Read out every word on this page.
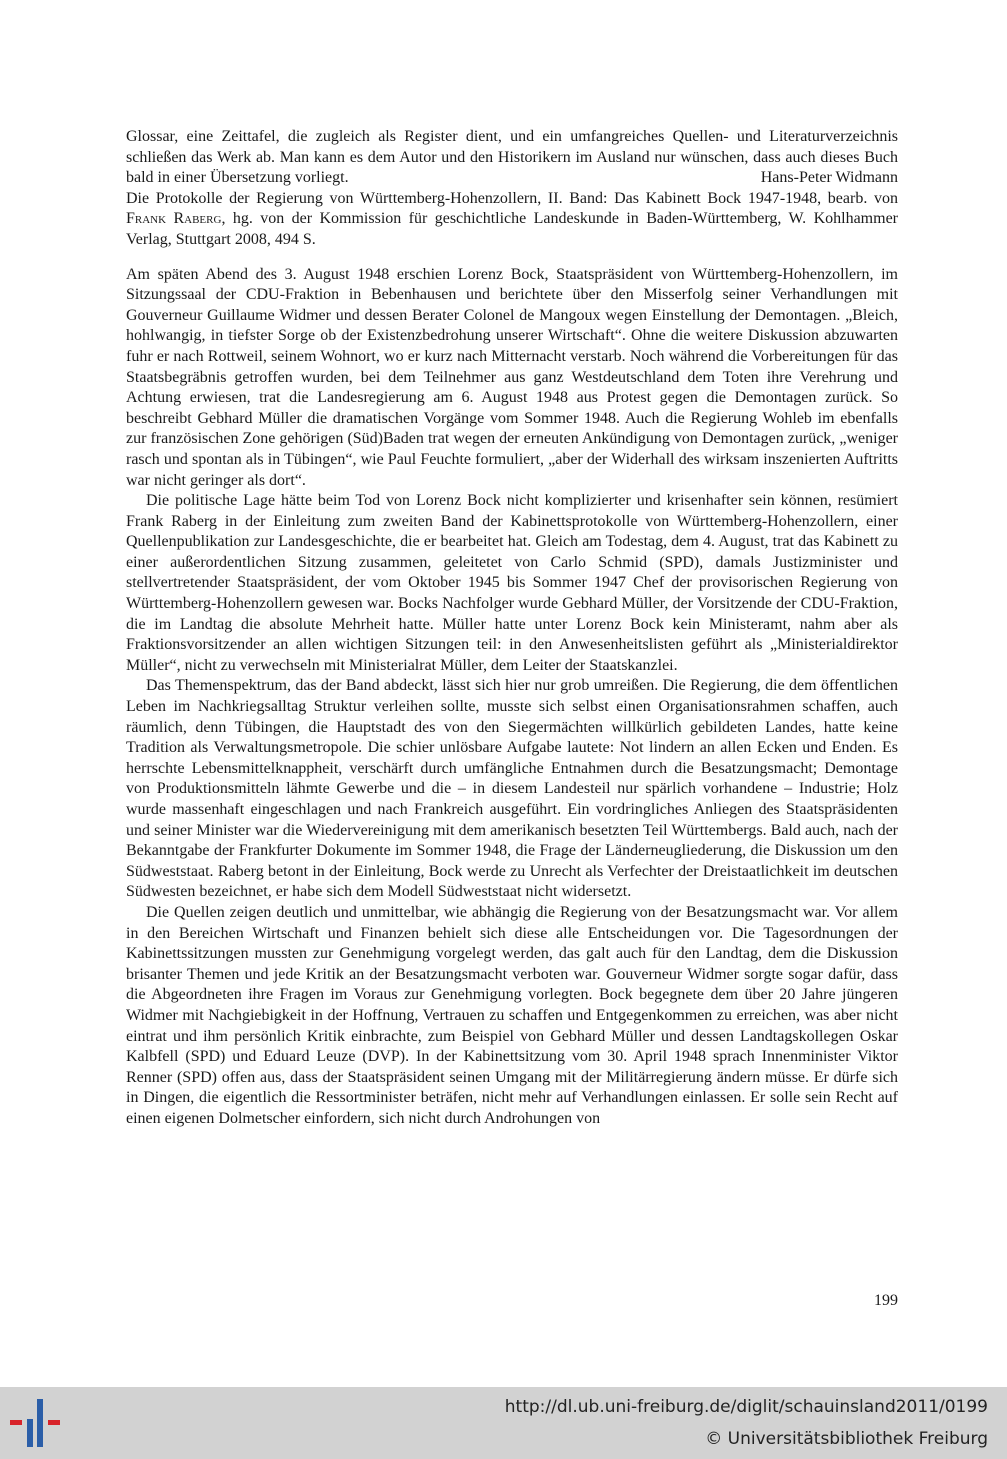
Glossar, eine Zeittafel, die zugleich als Register dient, und ein umfangreiches Quellen- und Literaturverzeichnis schließen das Werk ab. Man kann es dem Autor und den Historikern im Ausland nur wünschen, dass auch dieses Buch bald in einer Übersetzung vorliegt.	Hans-Peter Widmann

Die Protokolle der Regierung von Württemberg-Hohenzollern, II. Band: Das Kabinett Bock 1947-1948, bearb. von Frank Raberg, hg. von der Kommission für geschichtliche Landeskunde in Baden-Württemberg, W. Kohlhammer Verlag, Stuttgart 2008, 494 S.

Am späten Abend des 3. August 1948 erschien Lorenz Bock, Staatspräsident von Württemberg-Hohenzollern, im Sitzungssaal der CDU-Fraktion in Bebenhausen und berichtete über den Misserfolg seiner Verhandlungen mit Gouverneur Guillaume Widmer und dessen Berater Colonel de Mangoux wegen Einstellung der Demontagen. „Bleich, hohlwangig, in tiefster Sorge ob der Existenzbedrohung unserer Wirtschaft“. Ohne die weitere Diskussion abzuwarten fuhr er nach Rottweil, seinem Wohnort, wo er kurz nach Mitternacht verstarb. Noch während die Vorbereitungen für das Staatsbegräbnis getroffen wurden, bei dem Teilnehmer aus ganz Westdeutschland dem Toten ihre Verehrung und Achtung erwiesen, trat die Landesregierung am 6. August 1948 aus Protest gegen die Demontagen zurück. So beschreibt Gebhard Müller die dramatischen Vorgänge vom Sommer 1948. Auch die Regierung Wohleb im ebenfalls zur französischen Zone gehörigen (Süd)Baden trat wegen der erneuten Ankündigung von Demontagen zurück, „weniger rasch und spontan als in Tübingen“, wie Paul Feuchte formuliert, „aber der Widerhall des wirksam inszenierten Auftritts war nicht geringer als dort“.

Die politische Lage hätte beim Tod von Lorenz Bock nicht komplizierter und krisenhafter sein können, resümiert Frank Raberg in der Einleitung zum zweiten Band der Kabinettsprotokolle von Württemberg-Hohenzollern, einer Quellenpublikation zur Landesgeschichte, die er bearbeitet hat. Gleich am Todestag, dem 4. August, trat das Kabinett zu einer außerordentlichen Sitzung zusammen, geleitetet von Carlo Schmid (SPD), damals Justizminister und stellvertretender Staatspräsident, der vom Oktober 1945 bis Sommer 1947 Chef der provisorischen Regierung von Württemberg-Hohenzollern gewesen war. Bocks Nachfolger wurde Gebhard Müller, der Vorsitzende der CDU-Fraktion, die im Landtag die absolute Mehrheit hatte. Müller hatte unter Lorenz Bock kein Ministeramt, nahm aber als Fraktionsvorsitzender an allen wichtigen Sitzungen teil: in den Anwesenheitslisten geführt als „Ministerialdirektor Müller“, nicht zu verwechseln mit Ministerialrat Müller, dem Leiter der Staatskanzlei.

Das Themenspektrum, das der Band abdeckt, lässt sich hier nur grob umreißen. Die Regierung, die dem öffentlichen Leben im Nachkriegsalltag Struktur verleihen sollte, musste sich selbst einen Organisationsrahmen schaffen, auch räumlich, denn Tübingen, die Hauptstadt des von den Siegermächten willkürlich gebildeten Landes, hatte keine Tradition als Verwaltungsmetropole. Die schier unlösbare Aufgabe lautete: Not lindern an allen Ecken und Enden. Es herrschte Lebensmittelknappheit, verschärft durch umfängliche Entnahmen durch die Besatzungsmacht; Demontage von Produktionsmitteln lähmte Gewerbe und die – in diesem Landesteil nur spärlich vorhandene – Industrie; Holz wurde massenhaft eingeschlagen und nach Frankreich ausgeführt. Ein vordringliches Anliegen des Staatspräsidenten und seiner Minister war die Wiedervereinigung mit dem amerikanisch besetzten Teil Württembergs. Bald auch, nach der Bekanntgabe der Frankfurter Dokumente im Sommer 1948, die Frage der Länderneugliederung, die Diskussion um den Südweststaat. Raberg betont in der Einleitung, Bock werde zu Unrecht als Verfechter der Dreistaatlichkeit im deutschen Südwesten bezeichnet, er habe sich dem Modell Südweststaat nicht widersetzt.

Die Quellen zeigen deutlich und unmittelbar, wie abhängig die Regierung von der Besatzungsmacht war. Vor allem in den Bereichen Wirtschaft und Finanzen behielt sich diese alle Entscheidungen vor. Die Tagesordnungen der Kabinettssitzungen mussten zur Genehmigung vorgelegt werden, das galt auch für den Landtag, dem die Diskussion brisanter Themen und jede Kritik an der Besatzungsmacht verboten war. Gouverneur Widmer sorgte sogar dafür, dass die Abgeordneten ihre Fragen im Voraus zur Genehmigung vorlegten. Bock begegnete dem über 20 Jahre jüngeren Widmer mit Nachgiebigkeit in der Hoffnung, Vertrauen zu schaffen und Entgegenkommen zu erreichen, was aber nicht eintrat und ihm persönlich Kritik einbrachte, zum Beispiel von Gebhard Müller und dessen Landtagskollegen Oskar Kalbfell (SPD) und Eduard Leuze (DVP). In der Kabinettsitzung vom 30. April 1948 sprach Innenminister Viktor Renner (SPD) offen aus, dass der Staatspräsident seinen Umgang mit der Militärregierung ändern müsse. Er dürfe sich in Dingen, die eigentlich die Ressortminister beträfen, nicht mehr auf Verhandlungen einlassen. Er solle sein Recht auf einen eigenen Dolmetscher einfordern, sich nicht durch Androhungen von

199
http://dl.ub.uni-freiburg.de/diglit/schauinsland2011/0199
© Universitätsbibliothek Freiburg
